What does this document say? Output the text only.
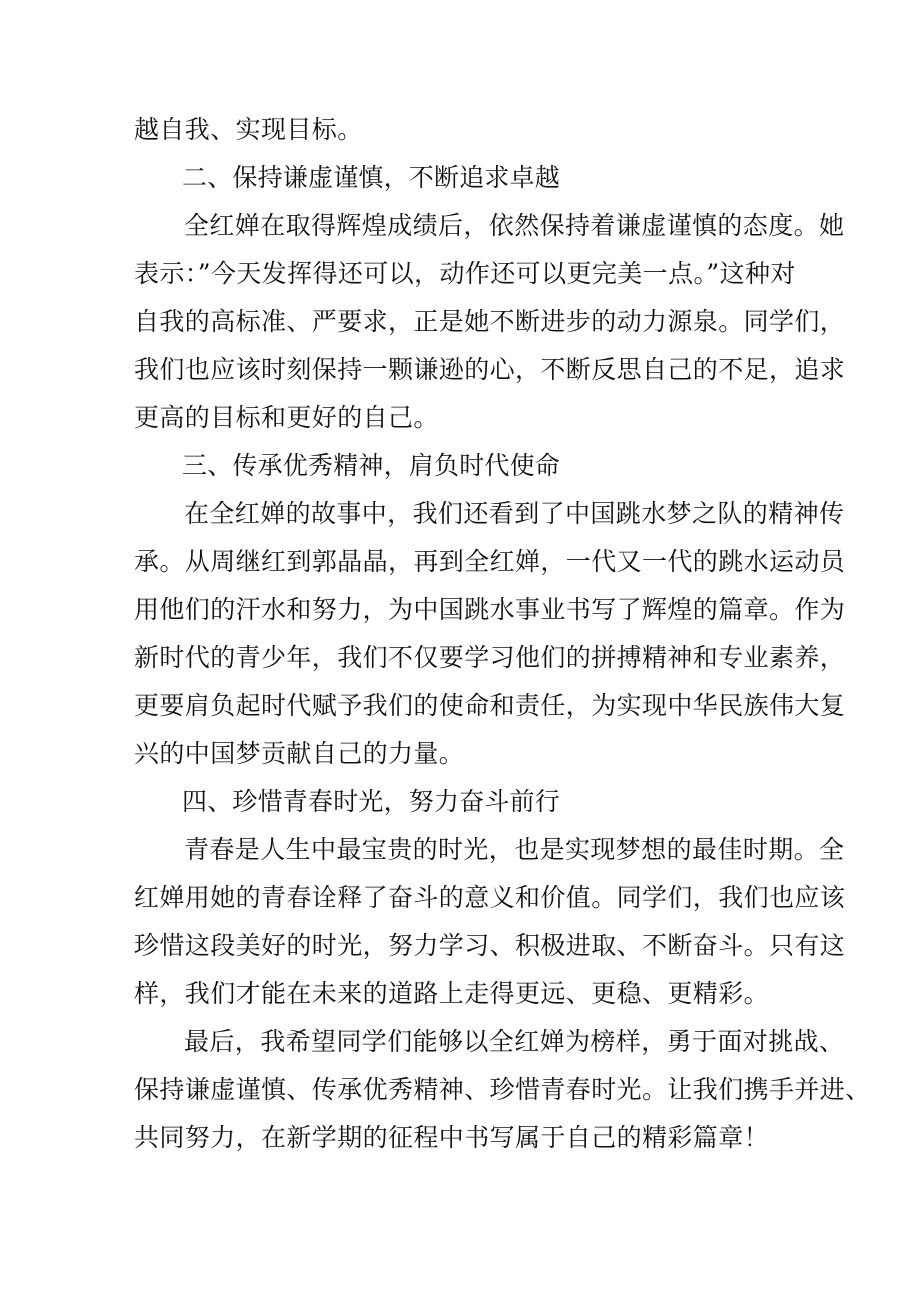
越自我、实现目标。
二、保持谦虚谨慎，不断追求卓越
全红婵在取得辉煌成绩后，依然保持着谦虚谨慎的态度。她
表示：”今天发挥得还可以，动作还可以更完美一点。”这种对
自我的高标准、严要求，正是她不断进步的动力源泉。同学们，
我们也应该时刻保持一颗谦逊的心，不断反思自己的不足，追求
更高的目标和更好的自己。
三、传承优秀精神，肩负时代使命
在全红婵的故事中，我们还看到了中国跳水梦之队的精神传
承。从周继红到郭晶晶，再到全红婵，一代又一代的跳水运动员
用他们的汗水和努力，为中国跳水事业书写了辉煌的篇章。作为
新时代的青少年，我们不仅要学习他们的拼搏精神和专业素养，
更要肩负起时代赋予我们的使命和责任，为实现中华民族伟大复
兴的中国梦贡献自己的力量。
四、珍惜青春时光，努力奋斗前行
青春是人生中最宝贵的时光，也是实现梦想的最佳时期。全
红婵用她的青春诠释了奋斗的意义和价值。同学们，我们也应该
珍惜这段美好的时光，努力学习、积极进取、不断奋斗。只有这
样，我们才能在未来的道路上走得更远、更稳、更精彩。
最后，我希望同学们能够以全红婵为榜样，勇于面对挑战、
保持谦虚谨慎、传承优秀精神、珍惜青春时光。让我们携手并进、
共同努力，在新学期的征程中书写属于自己的精彩篇章！
